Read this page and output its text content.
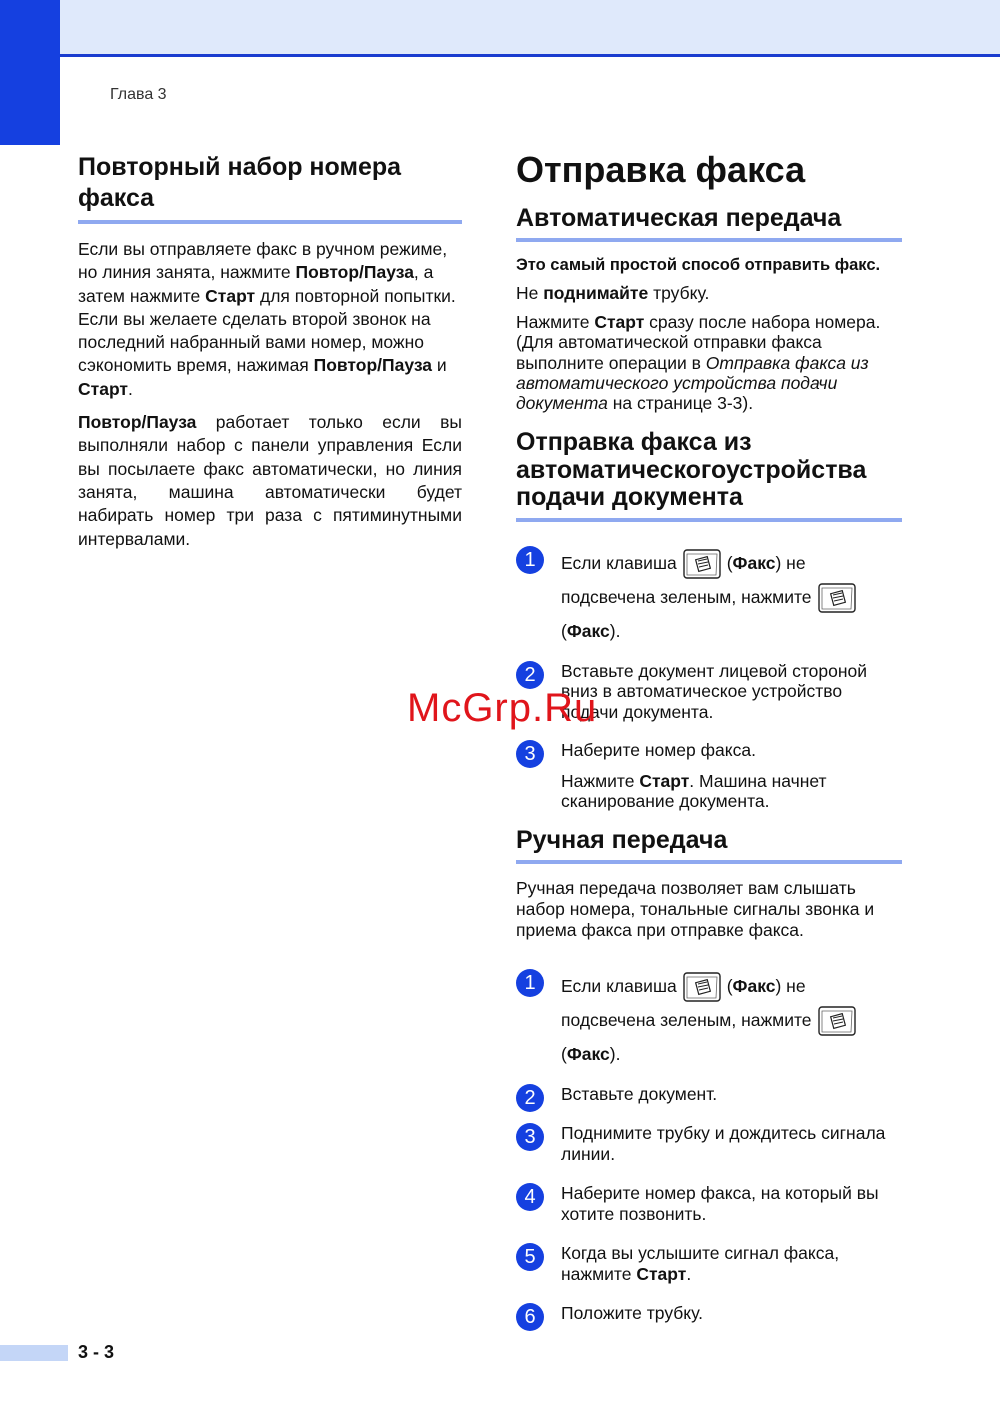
Глава 3
Повторный набор номера факса

Если вы отправляете факс в ручном режиме, но линия занята, нажмите Повтор/Пауза, а затем нажмите Старт для повторной попытки. Если вы желаете сделать второй звонок на последний набранный вами номер, можно сэкономить время, нажимая Повтор/Пауза и Старт.

Повтор/Пауза работает только если вы выполняли набор с панели управления Если вы посылаете факс автоматически, но линия занята, машина автоматически будет набирать номер три раза с пятиминутными интервалами.

Отправка факса
Автоматическая передача

Это самый простой способ отправить факс.

Не поднимайте трубку.

Нажмите Старт сразу после набора номера. (Для автоматической отправки факса выполните операции в Отправка факса из автоматического устройства подачи документа на странице 3-3).

Отправка факса из автоматическогоустройства подачи документа
1	Если клавиша	(Факс) не подсвечена зеленым, нажмите
(Факс).

2	Вставьте документ лицевой стороной вниз в автоматическое устройство подачи документа.

3	Наберите номер факса.

Нажмите Старт. Машина начнет сканирование документа.

Ручная передача

Ручная передача позволяет вам слышать набор номера, тональные сигналы звонка и приема факса при отправке факса.

1	Если клавиша	(Факс) не подсвечена зеленым, нажмите
(Факс).

2	Вставьте документ.

3	Поднимите трубку и дождитесь сигнала линии.

4	Наберите номер факса, на который вы хотите позвонить.

5	Когда вы услышите сигнал факса, нажмите Старт.

6	Положите трубку.

McGrp.Ru
3 - 3
